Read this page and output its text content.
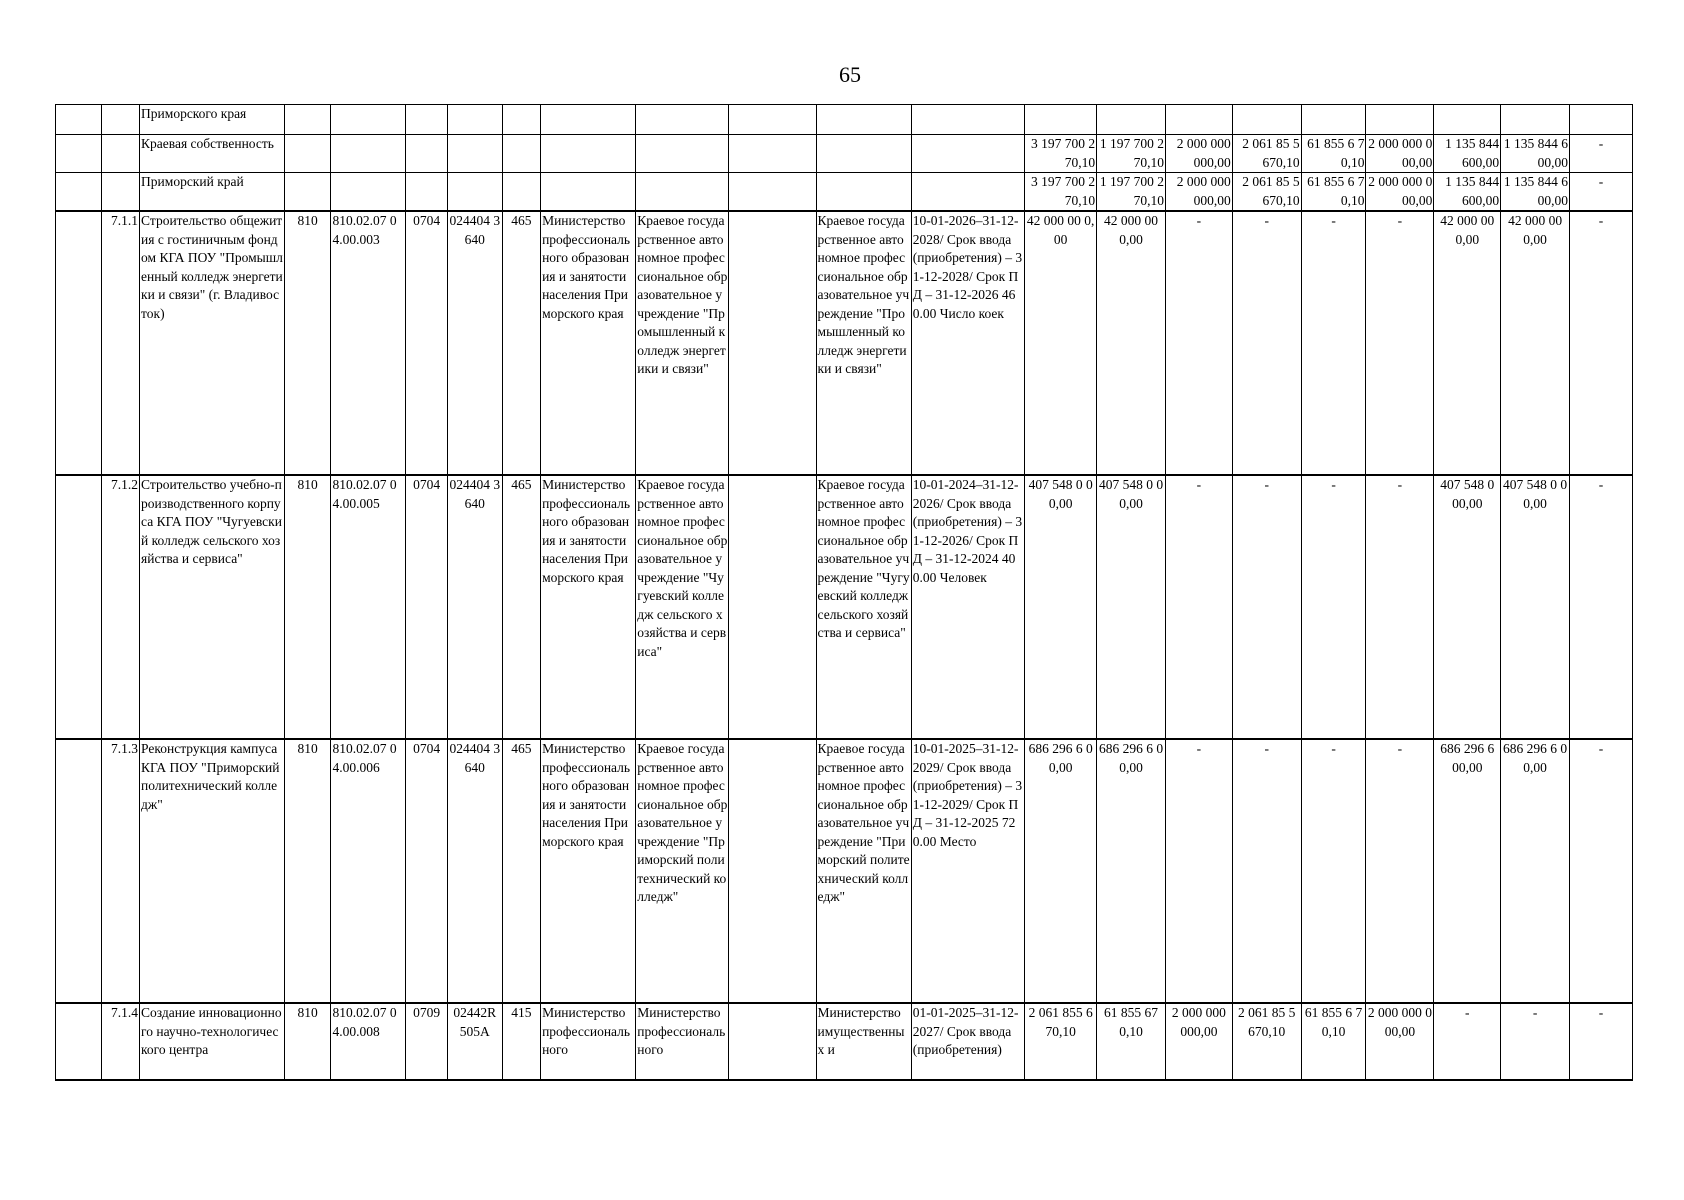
65
		Приморского края																			
		Краевая собственность											3 197 700 270,10	1 197 700 270,10	2 000 000 000,00	2 061 85 5 670,10	61 855 6 70,10	2 000 000 000,00	1 135 844 600,00	1 135 844 600,00	-
		Приморский край											3 197 700 270,10	1 197 700 270,10	2 000 000 000,00	2 061 85 5 670,10	61 855 6 70,10	2 000 000 000,00	1 135 844 600,00	1 135 844 600,00	-
	7.1.1	Строительство общежития с гостиничным фондом КГА ПОУ "Промышленный колледж энергетики и связи" (г. Владивосток)	810	810.02.07 04.00.003	0704	024404 3640	465	Министерство профессионального образования и занятости населения Приморского края	Краевое государственное автономное профессиональное образовательное учреждение "Промышленный колледж энергетики и связи"		Краевое государственное автономное профессиональное образовательное учреждение "Промышленный колледж энергетики и связи"	10-01-2026–31-12-2028/ Срок ввода (приобретения) – 31-12-2028/ Срок ПД – 31-12-2026 460.00 Число коек	42 000 00 0,00	42 000 00 0,00	-	-	-	-	42 000 00 0,00	42 000 00 0,00	-
	7.1.2	Строительство учебно-производственного корпуса КГА ПОУ "Чугуевский колледж сельского хозяйства и сервиса"	810	810.02.07 04.00.005	0704	024404 3640	465	Министерство профессионального образования и занятости населения Приморского края	Краевое государственное автономное профессиональное образовательное учреждение "Чугуевский колледж сельского хозяйства и сервиса"		Краевое государственное автономное профессиональное образовательное учреждение "Чугуевский колледж сельского хозяйства и сервиса"	10-01-2024–31-12-2026/ Срок ввода (приобретения) – 31-12-2026/ Срок ПД – 31-12-2024 400.00 Человек	407 548 0 00,00	407 548 0 00,00	-	-	-	-	407 548 0 00,00	407 548 0 00,00	-
	7.1.3	Реконструкция кампуса КГА ПОУ "Приморский политехнический колледж"	810	810.02.07 04.00.006	0704	024404 3640	465	Министерство профессионального образования и занятости населения Приморского края	Краевое государственное автономное профессиональное образовательное учреждение "Приморский политехнический колледж"		Краевое государственное автономное профессиональное образовательное учреждение "Приморский политехнический колледж"	10-01-2025–31-12-2029/ Срок ввода (приобретения) – 31-12-2029/ Срок ПД – 31-12-2025 720.00 Место	686 296 6 00,00	686 296 6 00,00	-	-	-	-	686 296 6 00,00	686 296 6 00,00	-
	7.1.4	Создание инновационного научно-технологического центра	810	810.02.07 04.00.008	0709	02442R 505А	415	Министерство профессионального	Министерство профессионального		Министерство имущественных и	01-01-2025–31-12-2027/ Срок ввода (приобретения)	2 061 855 670,10	61 855 67 0,10	2 000 000 000,00	2 061 85 5 670,10	61 855 6 70,10	2 000 000 000,00	-	-	-
